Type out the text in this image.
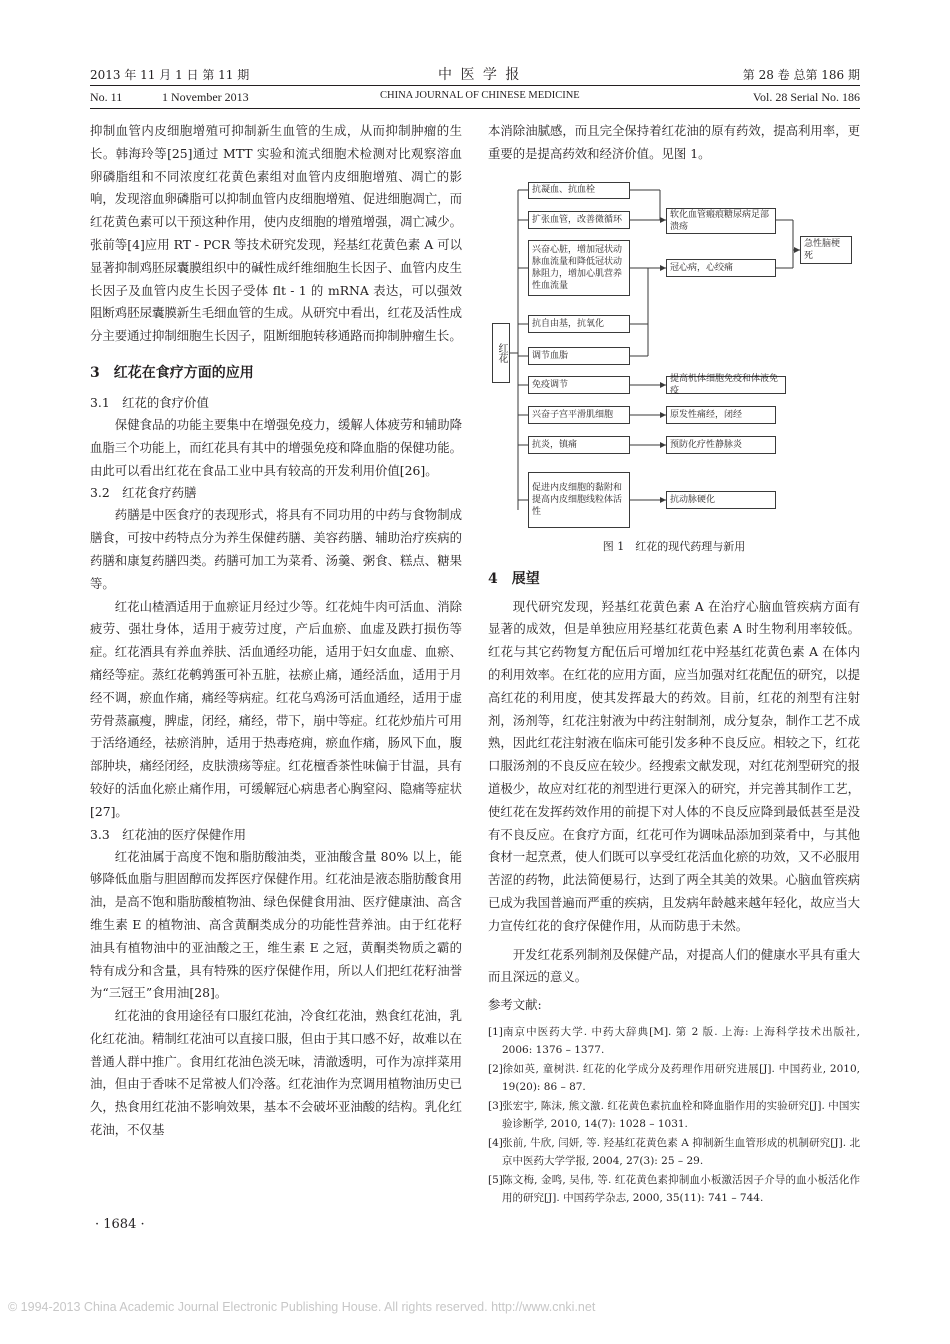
2013 年 11 月 1 日 第 11 期	中 医 学 报	第 28 卷 总第 186 期
No. 11	1 November 2013	CHINA JOURNAL OF CHINESE MEDICINE	Vol. 28 Serial No. 186

抑制血管内皮细胞增殖可抑制新生血管的生成，从而抑制肿瘤的生长。韩海玲等[25]通过 MTT 实验和流式细胞术检测对比观察溶血卵磷脂组和不同浓度红花黄色素组对血管内皮细胞增殖、凋亡的影响，发现溶血卵磷脂可以抑制血管内皮细胞增殖、促进细胞凋亡，而红花黄色素可以干预这种作用，使内皮细胞的增殖增强，凋亡减少。张前等[4]应用 RT - PCR 等技术研究发现，羟基红花黄色素 A 可以显著抑制鸡胚尿囊膜组织中的碱性成纤维细胞生长因子、血管内皮生长因子及血管内皮生长因子受体 flt - 1 的 mRNA 表达，可以强效阻断鸡胚尿囊膜新生毛细血管的生成。从研究中看出，红花及活性成分主要通过抑制细胞生长因子，阻断细胞转移通路而抑制肿瘤生长。

3　红花在食疗方面的应用

3.1　红花的食疗价值

保健食品的功能主要集中在增强免疫力，缓解人体疲劳和辅助降血脂三个功能上，而红花具有其中的增强免疫和降血脂的保健功能。由此可以看出红花在食品工业中具有较高的开发利用价值[26]。

3.2　红花食疗药膳

药膳是中医食疗的表现形式，将具有不同功用的中药与食物制成膳食，可按中药特点分为养生保健药膳、美容药膳、辅助治疗疾病的药膳和康复药膳四类。药膳可加工为菜肴、汤羹、粥食、糕点、糖果等。

红花山楂酒适用于血瘀证月经过少等。红花炖牛肉可活血、消除疲劳、强壮身体，适用于疲劳过度，产后血瘀、血虚及跌打损伤等症。红花酒具有养血养肤、活血通经功能，适用于妇女血虚、血瘀、痛经等症。蒸红花鹌鹑蛋可补五脏，祛瘀止痛，通经活血，适用于月经不调，瘀血作痛，痛经等病症。红花乌鸡汤可活血通经，适用于虚劳骨蒸羸瘦，脾虚，闭经，痛经，带下，崩中等症。红花炒茄片可用于活络通经，祛瘀消肿，适用于热毒疮痈，瘀血作痛，肠风下血，腹部肿块，痛经闭经，皮肤溃疡等症。红花檀香茶性味偏于甘温，具有较好的活血化瘀止痛作用，可缓解冠心病患者心胸窒闷、隐痛等症状[27]。

3.3　红花油的医疗保健作用

红花油属于高度不饱和脂肪酸油类，亚油酸含量 80% 以上，能够降低血脂与胆固醇而发挥医疗保健作用。红花油是液态脂肪酸食用油，是高不饱和脂肪酸植物油、绿色保健食用油、医疗健康油、高含维生素 E 的植物油、高含黄酮类成分的功能性营养油。由于红花籽油具有植物油中的亚油酸之王，维生素 E 之冠，黄酮类物质之霸的特有成分和含量，具有特殊的医疗保健作用，所以人们把红花籽油誉为“三冠王”食用油[28]。

红花油的食用途径有口服红花油，冷食红花油，熟食红花油，乳化红花油。精制红花油可以直接口服，但由于其口感不好，故难以在普通人群中推广。食用红花油色淡无味，清澈透明，可作为凉拌菜用油，但由于香味不足常被人们冷落。红花油作为烹调用植物油历史已久，热食用红花油不影响效果，基本不会破坏亚油酸的结构。乳化红花油，不仅基

本消除油腻感，而且完全保持着红花油的原有药效，提高利用率，更重要的是提高药效和经济价值。见图 1。

红花
抗凝血、抗血栓
扩张血管，改善微循环
兴奋心脏，增加冠状动脉血流量和降低冠状动脉阻力，增加心肌营养性血流量
抗自由基，抗氧化
调节血脂
免疫调节
兴奋子宫平滑肌细胞
抗炎，镇痛
促进内皮细胞的黏附和提高内皮细胞线粒体活性
软化血管瘢痕糖尿病足部溃疡
冠心病，心绞痛
提高机体细胞免疫和体液免疫
原发性痛经，闭经
预防化疗性静脉炎
抗动脉硬化
急性脑梗死

图 1　红花的现代药理与新用

4　展望

现代研究发现，羟基红花黄色素 A 在治疗心脑血管疾病方面有显著的成效，但是单独应用羟基红花黄色素 A 时生物利用率较低。红花与其它药物复方配伍后可增加红花中羟基红花黄色素 A 在体内的利用效率。在红花的应用方面，应当加强对红花配伍的研究，以提高红花的利用度，使其发挥最大的药效。目前，红花的剂型有注射剂，汤剂等，红花注射液为中药注射制剂，成分复杂，制作工艺不成熟，因此红花注射液在临床可能引发多种不良反应。相较之下，红花口服汤剂的不良反应在较少。经搜索文献发现，对红花剂型研究的报道极少，故应对红花的剂型进行更深入的研究，并完善其制作工艺，使红花在发挥药效作用的前提下对人体的不良反应降到最低甚至是没有不良反应。在食疗方面，红花可作为调味品添加到菜肴中，与其他食材一起烹煮，使人们既可以享受红花活血化瘀的功效，又不必服用苦涩的药物，此法简便易行，达到了两全其美的效果。心脑血管疾病已成为我国普遍而严重的疾病，且发病年龄越来越年轻化，故应当大力宣传红花的食疗保健作用，从而防患于未然。

开发红花系列制剂及保健产品，对提高人们的健康水平具有重大而且深远的意义。

参考文献:

[1]南京中医药大学. 中药大辞典[M]. 第 2 版. 上海: 上海科学技术出版社, 2006: 1376 – 1377.

[2]徐如英, 童树洪. 红花的化学成分及药理作用研究进展[J]. 中国药业, 2010, 19(20): 86 – 87.

[3]张宏宇, 陈沫, 熊文激. 红花黄色素抗血栓和降血脂作用的实验研究[J]. 中国实验诊断学, 2010, 14(7): 1028 – 1031.

[4]张前, 牛欣, 闫妍, 等. 羟基红花黄色素 A 抑制新生血管形成的机制研究[J]. 北京中医药大学学报, 2004, 27(3): 25 – 29.

[5]陈文梅, 金鸣, 吴伟, 等. 红花黄色素抑制血小板激活因子介导的血小板活化作用的研究[J]. 中国药学杂志, 2000, 35(11): 741 – 744.

· 1684 ·
© 1994-2013 China Academic Journal Electronic Publishing House. All rights reserved. http://www.cnki.net
